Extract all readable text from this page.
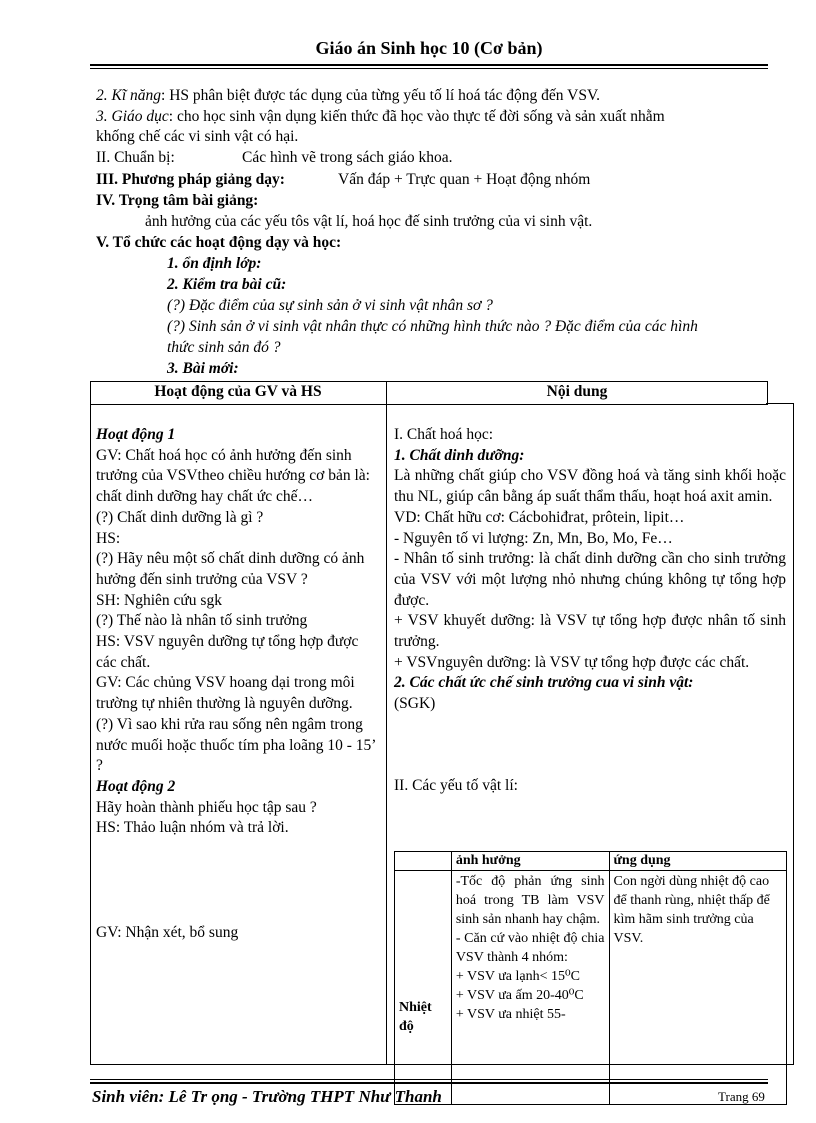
Giáo án Sinh học 10 (Cơ bản)
2. Kĩ năng: HS phân biệt được tác dụng của từng yếu tố lí hoá tác động đến VSV.
3. Giáo dục: cho học sinh vận dụng kiến thức đã học vào thực tế đời sống và sản xuất nhằm
khống chế các vi sinh vật có hại.
II. Chuẩn bị:	Các hình vẽ trong sách giáo khoa.
III. Phương pháp giảng dạy:	Vấn đáp + Trực quan + Hoạt động nhóm
IV. Trọng tâm bài giảng:
ảnh hưởng của các yếu tôs vật lí, hoá học đế sinh trưởng của vi sinh vật.
V. Tổ chức các hoạt động dạy và học:
1. ổn định lớp:
2. Kiểm tra bài cũ:
(?) Đặc điểm của sự sinh sản ở vi sinh vật nhân sơ ?
(?) Sinh sản ở vi sinh vật nhân thực có những hình thức nào ? Đặc điểm của các hình
thức sinh sản đó ?
3. Bài mới:
Hoạt động của GV và HS	Nội dung

Hoạt động 1

GV: Chất hoá học có ảnh hưởng đến sinh trưởng của VSVtheo chiều hướng cơ bản là: chất dinh dưỡng hay chất ức chế…

(?) Chất dinh dưỡng là gì ?

HS:

(?) Hãy nêu một số chất dinh dưỡng có ảnh hưởng đến sinh trưởng của VSV ?

SH: Nghiên cứu sgk

(?) Thế nào là nhân tố sinh trưởng

HS: VSV nguyên dưỡng tự tổng hợp được các chất.

GV: Các chủng VSV hoang dại trong môi trường tự nhiên thường là nguyên dưỡng.

(?) Vì sao khi rửa rau sống nên ngâm trong nước muối hoặc thuốc tím pha loãng 10 - 15’ ?

Hoạt động 2

Hãy hoàn thành phiếu học tập sau ?

HS: Thảo luận nhóm và trả lời.

GV: Nhận xét, bổ sung

I. Chất hoá học:

1. Chất dinh dưỡng:

Là những chất giúp cho VSV đồng hoá và tăng sinh khối hoặc thu NL, giúp cân bằng áp suất thẩm thấu, hoạt hoá axit amin.

VD: Chất hữu cơ: Cácbohiđrat, prôtein, lipit…

- Nguyên tố vi lượng: Zn, Mn, Bo, Mo, Fe…

- Nhân tố sinh trưởng: là chất dinh dưỡng cần cho sinh trưởng của VSV với một lượng nhỏ nhưng chúng không tự tổng hợp được.

+ VSV khuyết dưỡng: là VSV tự tổng hợp được nhân tố sinh trưởng.

+ VSVnguyên dưỡng: là VSV tự tổng hợp được các chất.

2. Các chất ức chế sinh trưởng cua vi sinh vật:

(SGK)

II. Các yếu tố vật lí:

	ảnh hưởng	ứng dụng
Nhiệt độ	-Tốc độ phản ứng sinh hoá trong TB làm VSV sinh sản nhanh hay chậm.
- Căn cứ vào nhiệt độ chia VSV thành 4 nhóm:
+ VSV ưa lạnh< 15⁰C
+ VSV ưa ấm 20-40⁰C
+ VSV ưa nhiệt 55-	Con ngời dùng nhiệt độ cao để thanh rùng, nhiệt thấp để kìm hãm sinh trưởng của VSV.
Sinh viên: Lê Tr ọng - Trường THPT Như Thanh	Trang 69
